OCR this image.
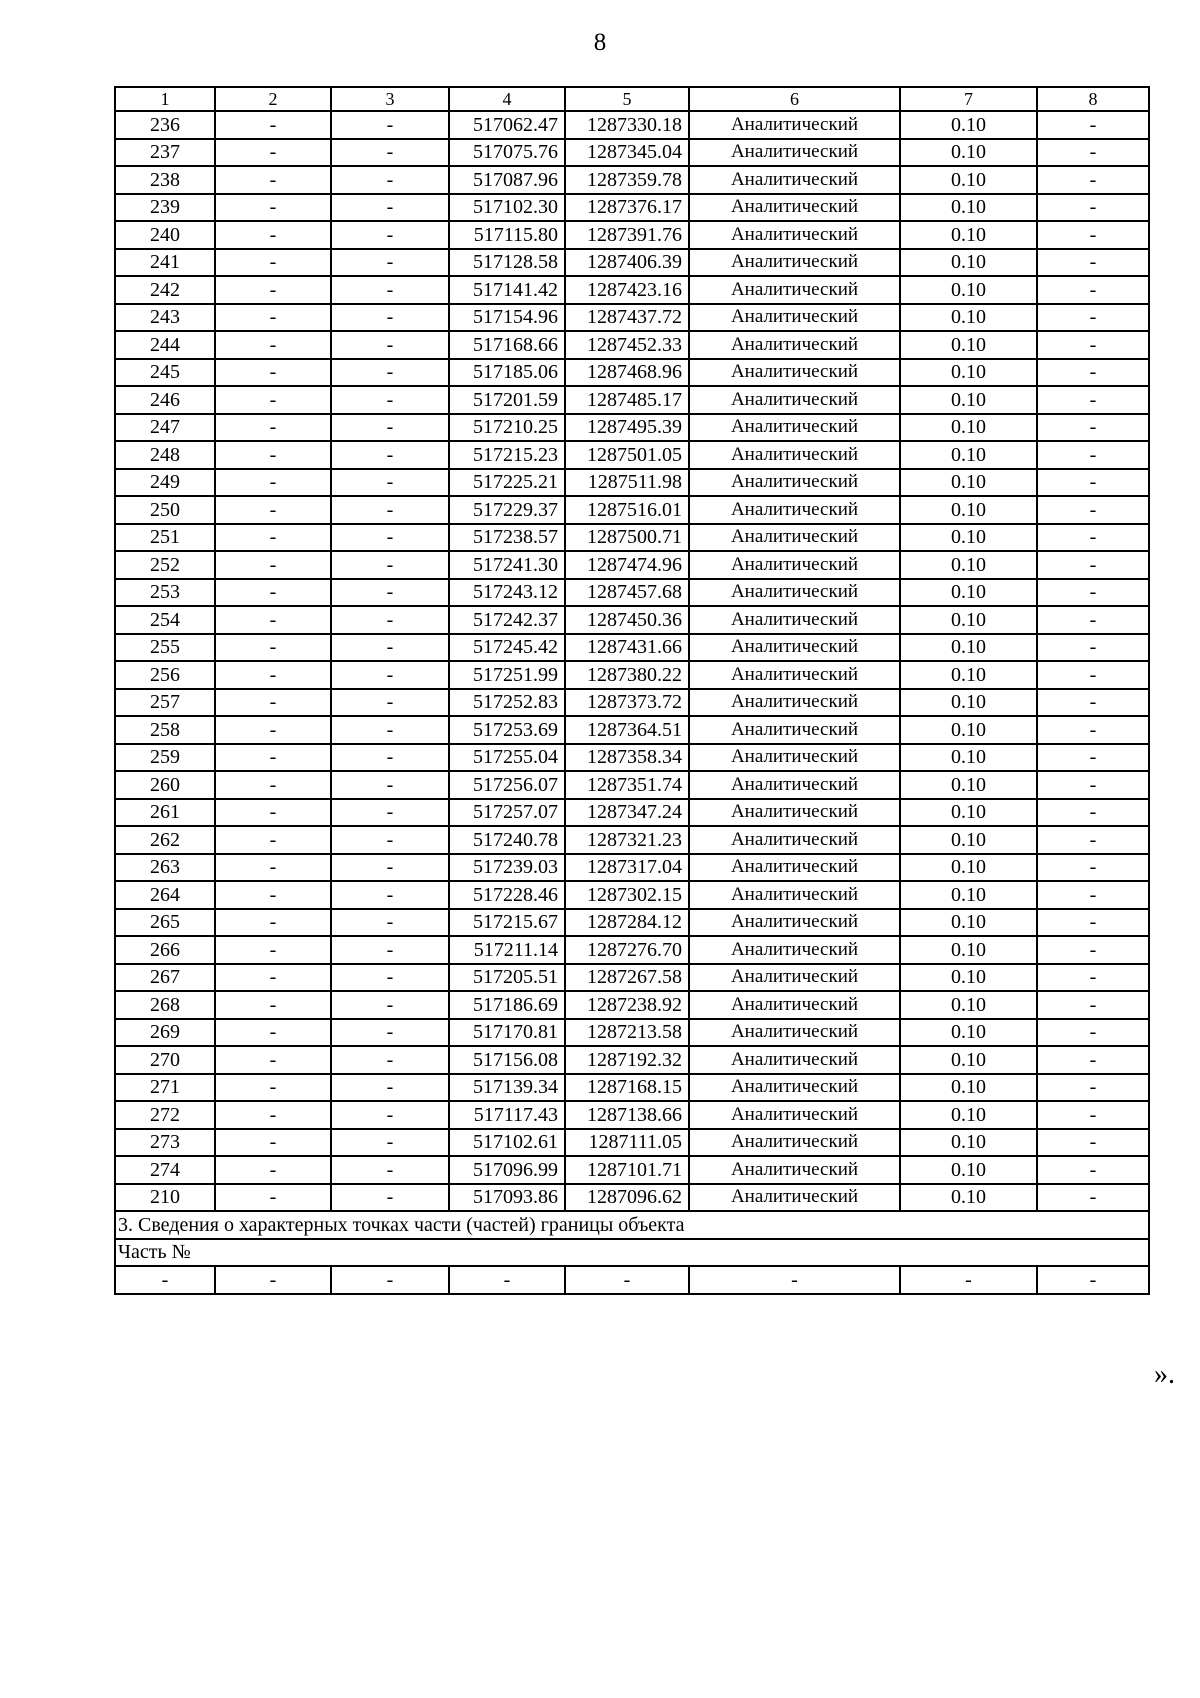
8
1	2	3	4	5	6	7	8
236	-	-	517062.47	1287330.18	Аналитический	0.10	-
237	-	-	517075.76	1287345.04	Аналитический	0.10	-
238	-	-	517087.96	1287359.78	Аналитический	0.10	-
239	-	-	517102.30	1287376.17	Аналитический	0.10	-
240	-	-	517115.80	1287391.76	Аналитический	0.10	-
241	-	-	517128.58	1287406.39	Аналитический	0.10	-
242	-	-	517141.42	1287423.16	Аналитический	0.10	-
243	-	-	517154.96	1287437.72	Аналитический	0.10	-
244	-	-	517168.66	1287452.33	Аналитический	0.10	-
245	-	-	517185.06	1287468.96	Аналитический	0.10	-
246	-	-	517201.59	1287485.17	Аналитический	0.10	-
247	-	-	517210.25	1287495.39	Аналитический	0.10	-
248	-	-	517215.23	1287501.05	Аналитический	0.10	-
249	-	-	517225.21	1287511.98	Аналитический	0.10	-
250	-	-	517229.37	1287516.01	Аналитический	0.10	-
251	-	-	517238.57	1287500.71	Аналитический	0.10	-
252	-	-	517241.30	1287474.96	Аналитический	0.10	-
253	-	-	517243.12	1287457.68	Аналитический	0.10	-
254	-	-	517242.37	1287450.36	Аналитический	0.10	-
255	-	-	517245.42	1287431.66	Аналитический	0.10	-
256	-	-	517251.99	1287380.22	Аналитический	0.10	-
257	-	-	517252.83	1287373.72	Аналитический	0.10	-
258	-	-	517253.69	1287364.51	Аналитический	0.10	-
259	-	-	517255.04	1287358.34	Аналитический	0.10	-
260	-	-	517256.07	1287351.74	Аналитический	0.10	-
261	-	-	517257.07	1287347.24	Аналитический	0.10	-
262	-	-	517240.78	1287321.23	Аналитический	0.10	-
263	-	-	517239.03	1287317.04	Аналитический	0.10	-
264	-	-	517228.46	1287302.15	Аналитический	0.10	-
265	-	-	517215.67	1287284.12	Аналитический	0.10	-
266	-	-	517211.14	1287276.70	Аналитический	0.10	-
267	-	-	517205.51	1287267.58	Аналитический	0.10	-
268	-	-	517186.69	1287238.92	Аналитический	0.10	-
269	-	-	517170.81	1287213.58	Аналитический	0.10	-
270	-	-	517156.08	1287192.32	Аналитический	0.10	-
271	-	-	517139.34	1287168.15	Аналитический	0.10	-
272	-	-	517117.43	1287138.66	Аналитический	0.10	-
273	-	-	517102.61	1287111.05	Аналитический	0.10	-
274	-	-	517096.99	1287101.71	Аналитический	0.10	-
210	-	-	517093.86	1287096.62	Аналитический	0.10	-
3. Сведения о характерных точках части (частей) границы объекта							
Часть №							
-	-	-	-	-	-	-	-
».
